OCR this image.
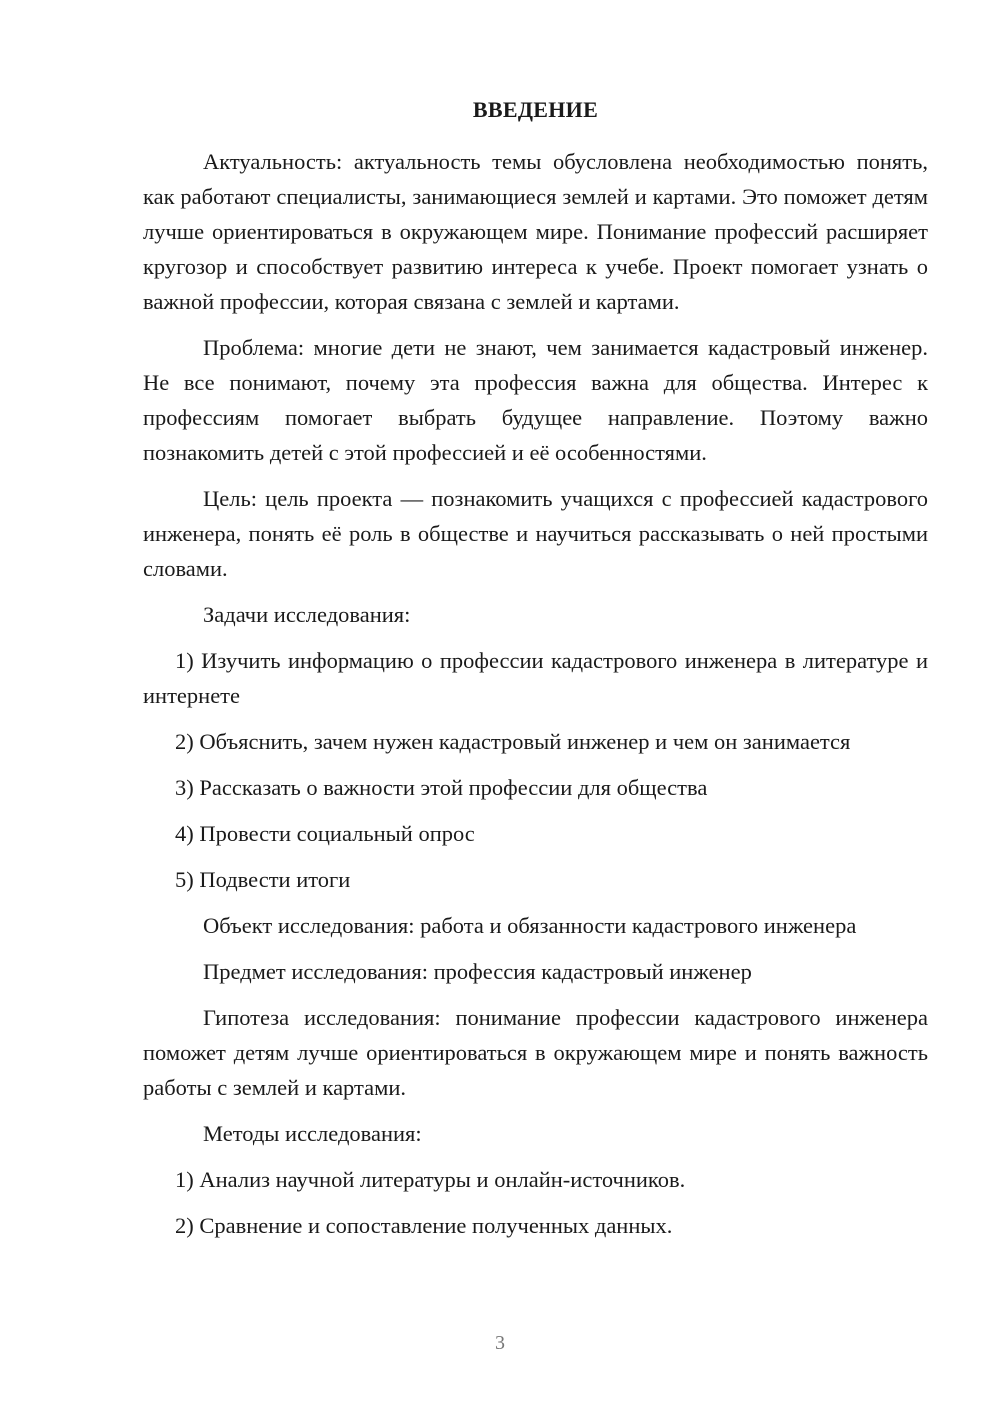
ВВЕДЕНИЕ

Актуальность: актуальность темы обусловлена необходимостью понять, как работают специалисты, занимающиеся землей и картами. Это поможет детям лучше ориентироваться в окружающем мире. Понимание профессий расширяет кругозор и способствует развитию интереса к учебе. Проект помогает узнать о важной профессии, которая связана с землей и картами.

Проблема: многие дети не знают, чем занимается кадастровый инженер. Не все понимают, почему эта профессия важна для общества. Интерес к профессиям помогает выбрать будущее направление. Поэтому важно познакомить детей с этой профессией и её особенностями.

Цель: цель проекта — познакомить учащихся с профессией кадастрового инженера, понять её роль в обществе и научиться рассказывать о ней простыми словами.

Задачи исследования:

1) Изучить информацию о профессии кадастрового инженера в литературе и интернете

2) Объяснить, зачем нужен кадастровый инженер и чем он занимается

3) Рассказать о важности этой профессии для общества

4) Провести социальный опрос

5) Подвести итоги

Объект исследования: работа и обязанности кадастрового инженера

Предмет исследования: профессия кадастровый инженер

Гипотеза исследования: понимание профессии кадастрового инженера поможет детям лучше ориентироваться в окружающем мире и понять важность работы с землей и картами.

Методы исследования:

1) Анализ научной литературы и онлайн-источников.

2) Сравнение и сопоставление полученных данных.

3
